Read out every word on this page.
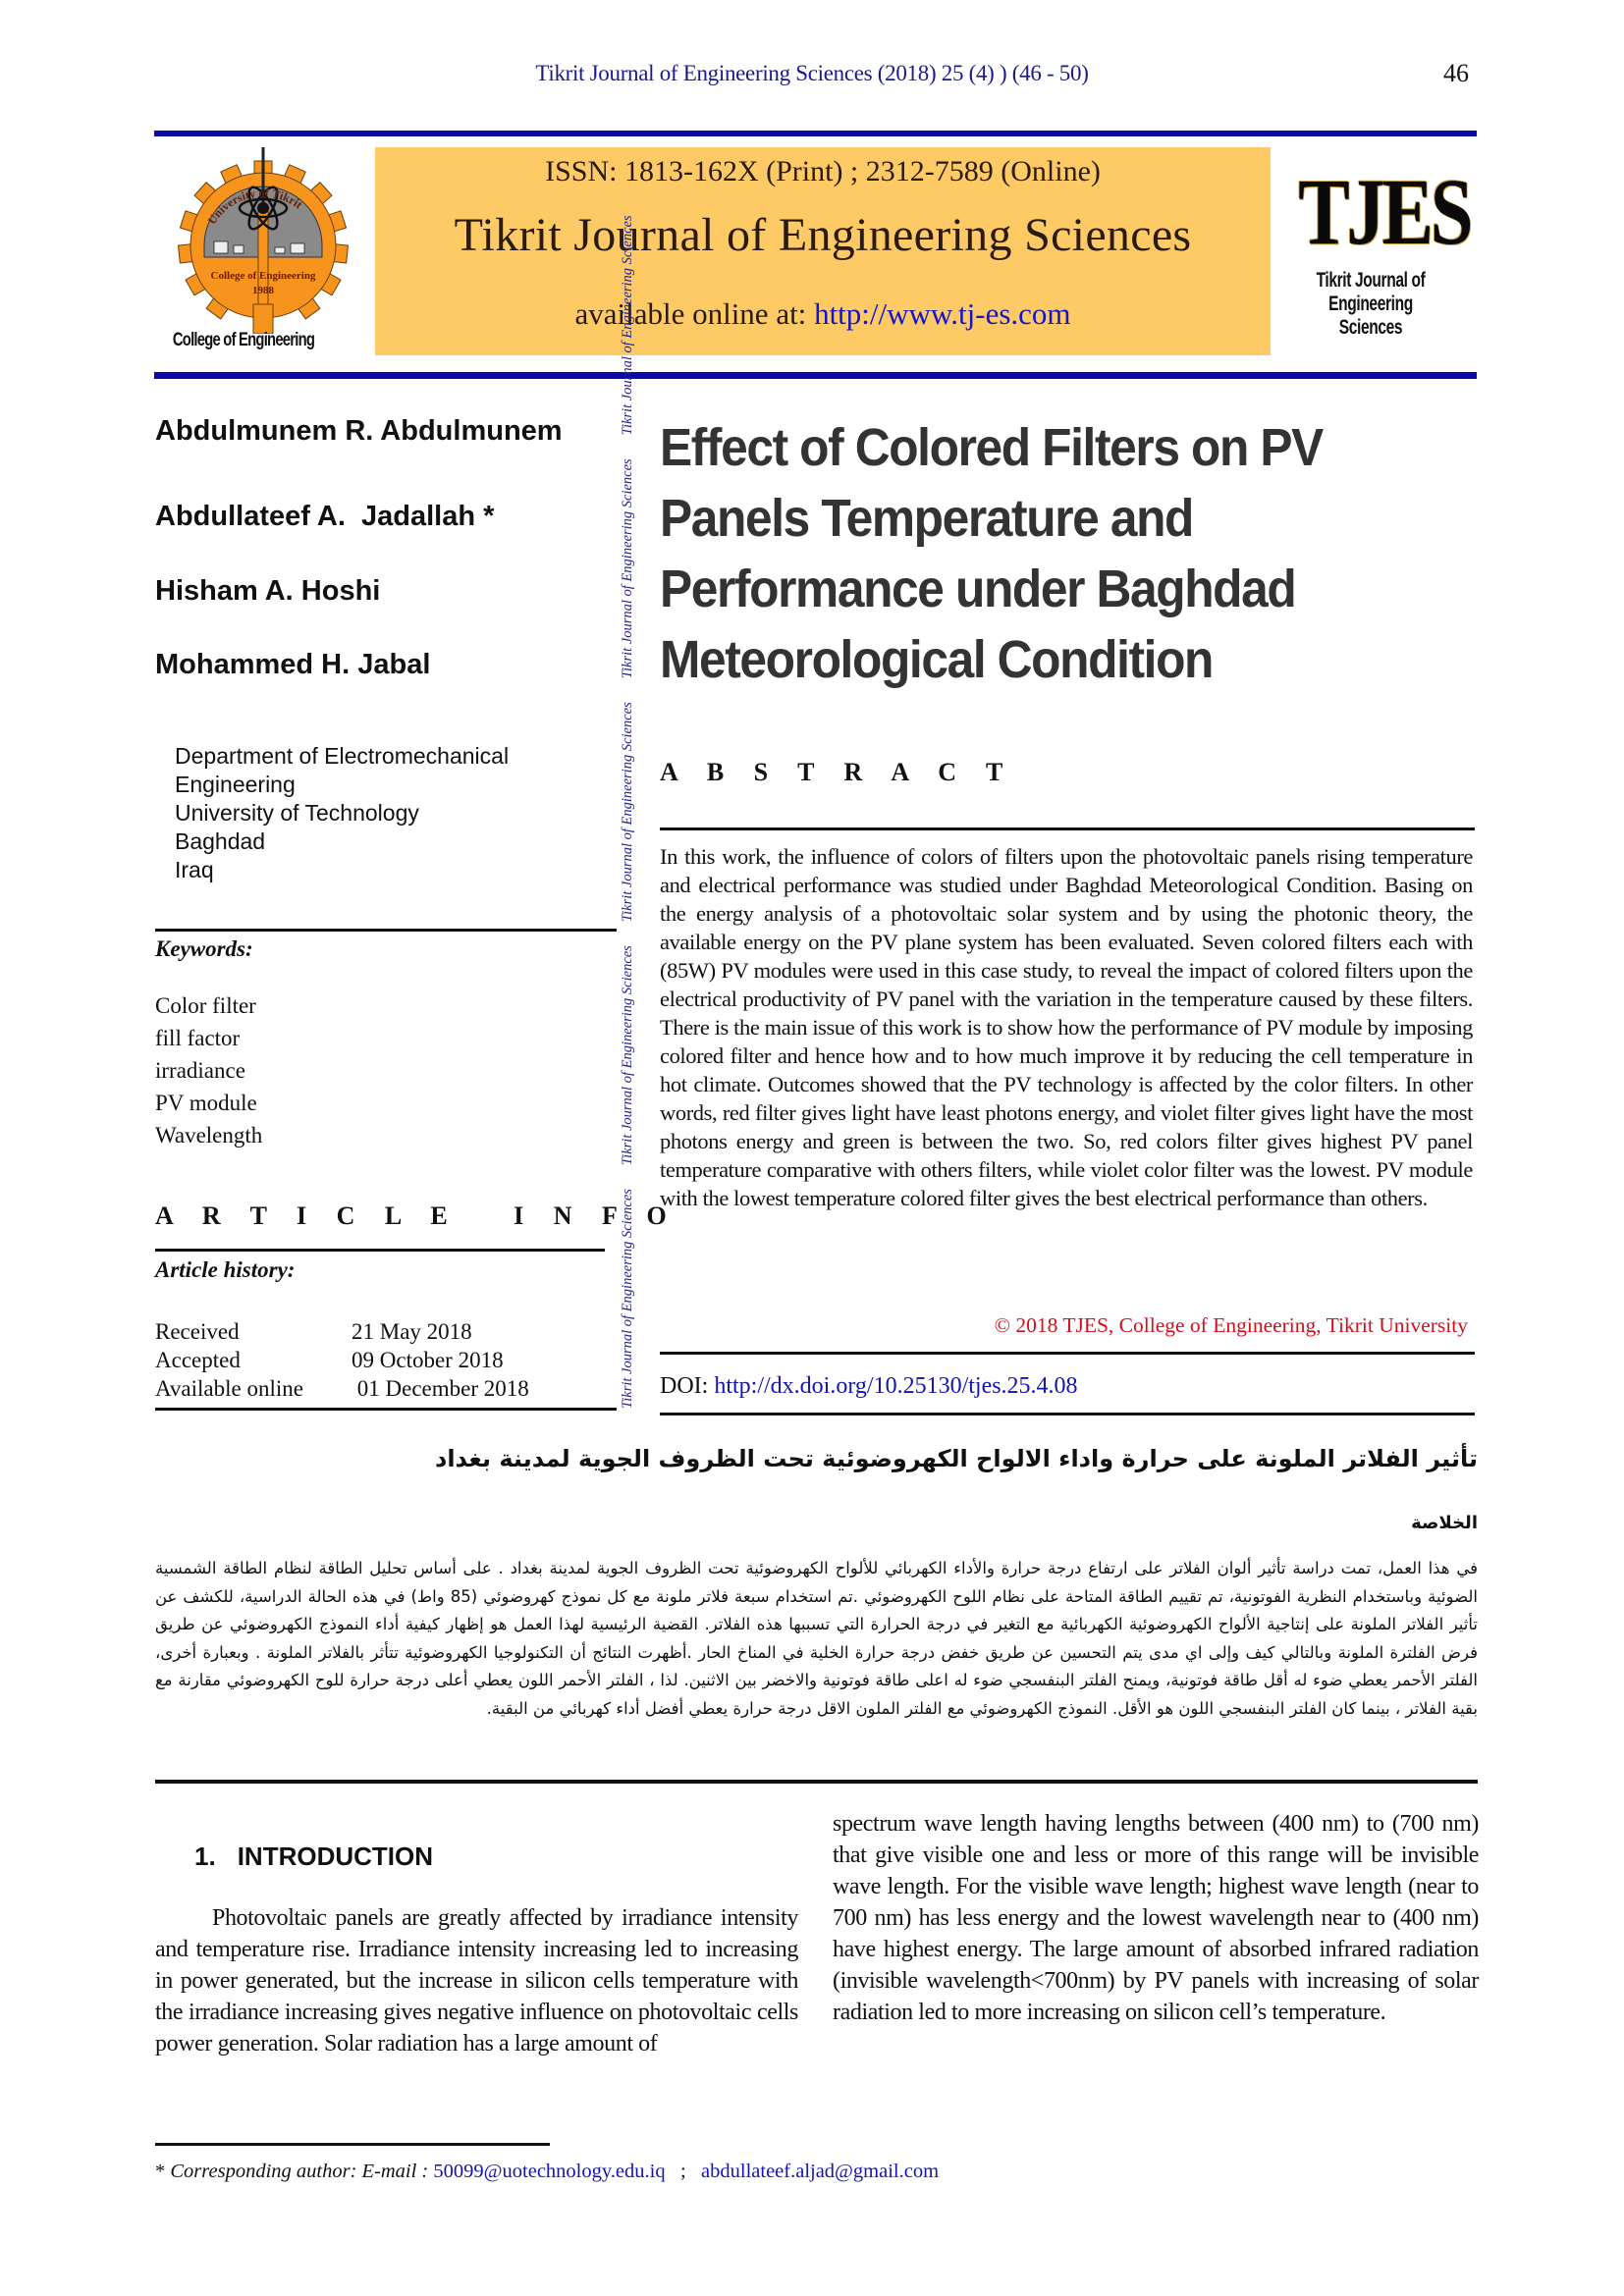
Tikrit Journal of Engineering Sciences (2018) 25 (4) ) (46 - 50)	46
University of Tikrit
College of Engineering
1988
College of Engineering
ISSN: 1813-162X (Print) ; 2312-7589 (Online)
Tikrit Journal of Engineering Sciences
available online at: http://www.tj-es.com
TJES
Tikrit Journal of
Engineering Sciences
Abdulmunem R. Abdulmunem
Abdullateef A.  Jadallah *
Hisham A. Hoshi
Mohammed H. Jabal
Department of Electromechanical
Engineering
University of Technology
Baghdad
Iraq
Tikrit Journal of Engineering SciencesTikrit Journal of Engineering SciencesTikrit Journal of Engineering SciencesTikrit Journal of Engineering SciencesTikrit Journal of Engineering Sciences
Effect of Colored Filters on PV
Panels Temperature and
Performance under Baghdad
Meteorological Condition
A B S T R A C T
In this work, the influence of colors of filters upon the photovoltaic panels rising temperature and electrical performance was studied under Baghdad Meteorological Condition. Basing on the energy analysis of a photovoltaic solar system and by using the photonic theory, the available energy on the PV plane system has been evaluated. Seven colored filters each with (85W) PV modules were used in this case study, to reveal the impact of colored filters upon the electrical productivity of PV panel with the variation in the temperature caused by these filters. There is the main issue of this work is to show how the performance of PV module by imposing colored filter and hence how and to how much improve it by reducing the cell temperature in hot climate. Outcomes showed that the PV technology is affected by the color filters. In other words, red filter gives light have least photons energy, and violet filter gives light have the most photons energy and green is between the two. So, red colors filter gives highest PV panel temperature comparative with others filters, while violet color filter was the lowest. PV module with the lowest temperature colored filter gives the best electrical performance than others.
© 2018 TJES, College of Engineering, Tikrit University
DOI: http://dx.doi.org/10.25130/tjes.25.4.08
Keywords:
Color filter
fill factor
irradiance
PV module
Wavelength
A R T I C L E   I N F O
Article history:
Received	21 May 2018
Accepted	09 October 2018
Available online	01 December 2018
تأثير الفلاتر الملونة على حرارة واداء الالواح الكهروضوئية تحت الظروف الجوية لمدينة بغداد
الخلاصة
في هذا العمل، تمت دراسة تأثير ألوان الفلاتر على ارتفاع درجة حرارة والأداء الكهربائي للألواح الكهروضوئية تحت الظروف الجوية لمدينة بغداد . على أساس تحليل الطاقة لنظام الطاقة الشمسية الضوئية وباستخدام النظرية الفوتونية، تم تقييم الطاقة المتاحة على نظام اللوح الكهروضوئي .تم استخدام سبعة فلاتر ملونة مع كل نموذج كهروضوئي (85 واط) في هذه الحالة الدراسية، للكشف عن تأثير الفلاتر الملونة على إنتاجية الألواح الكهروضوئية الكهربائية مع التغير في درجة الحرارة التي تسببها هذه الفلاتر. القضية الرئيسية لهذا العمل هو إظهار كيفية أداء النموذج الكهروضوئي عن طريق فرض الفلترة الملونة وبالتالي كيف وإلى اي مدى يتم التحسين عن طريق خفض درجة حرارة الخلية في المناخ الحار .أظهرت النتائج أن التكنولوجيا الكهروضوئية تتأثر بالفلاتر الملونة . وبعبارة أخرى، الفلتر الأحمر يعطي ضوء له أقل طاقة فوتونية، ويمنح الفلتر البنفسجي ضوء له اعلى طاقة فوتونية والاخضر بين الاثنين. لذا ، الفلتر الأحمر اللون يعطي أعلى درجة حرارة للوح الكهروضوئي مقارنة مع بقية الفلاتر ، بينما كان الفلتر البنفسجي اللون هو الأقل. النموذج الكهروضوئي مع الفلتر الملون الاقل درجة حرارة يعطي أفضل أداء كهربائي من البقية.
1. INTRODUCTION
Photovoltaic panels are greatly affected by irradiance intensity and temperature rise. Irradiance intensity increasing led to increasing in power generated, but the increase in silicon cells temperature with the irradiance increasing gives negative influence on photovoltaic cells power generation. Solar radiation has a large amount of
spectrum wave length having lengths between (400 nm) to (700 nm) that give visible one and less or more of this range will be invisible wave length. For the visible wave length; highest wave length (near to 700 nm) has less energy and the lowest wavelength near to (400 nm) have highest energy. The large amount of absorbed infrared radiation (invisible wavelength<700nm) by PV panels with increasing of solar radiation led to more increasing on silicon cell’s temperature.
* Corresponding author: E-mail : 50099@uotechnology.edu.iq   ;   abdullateef.aljad@gmail.com
